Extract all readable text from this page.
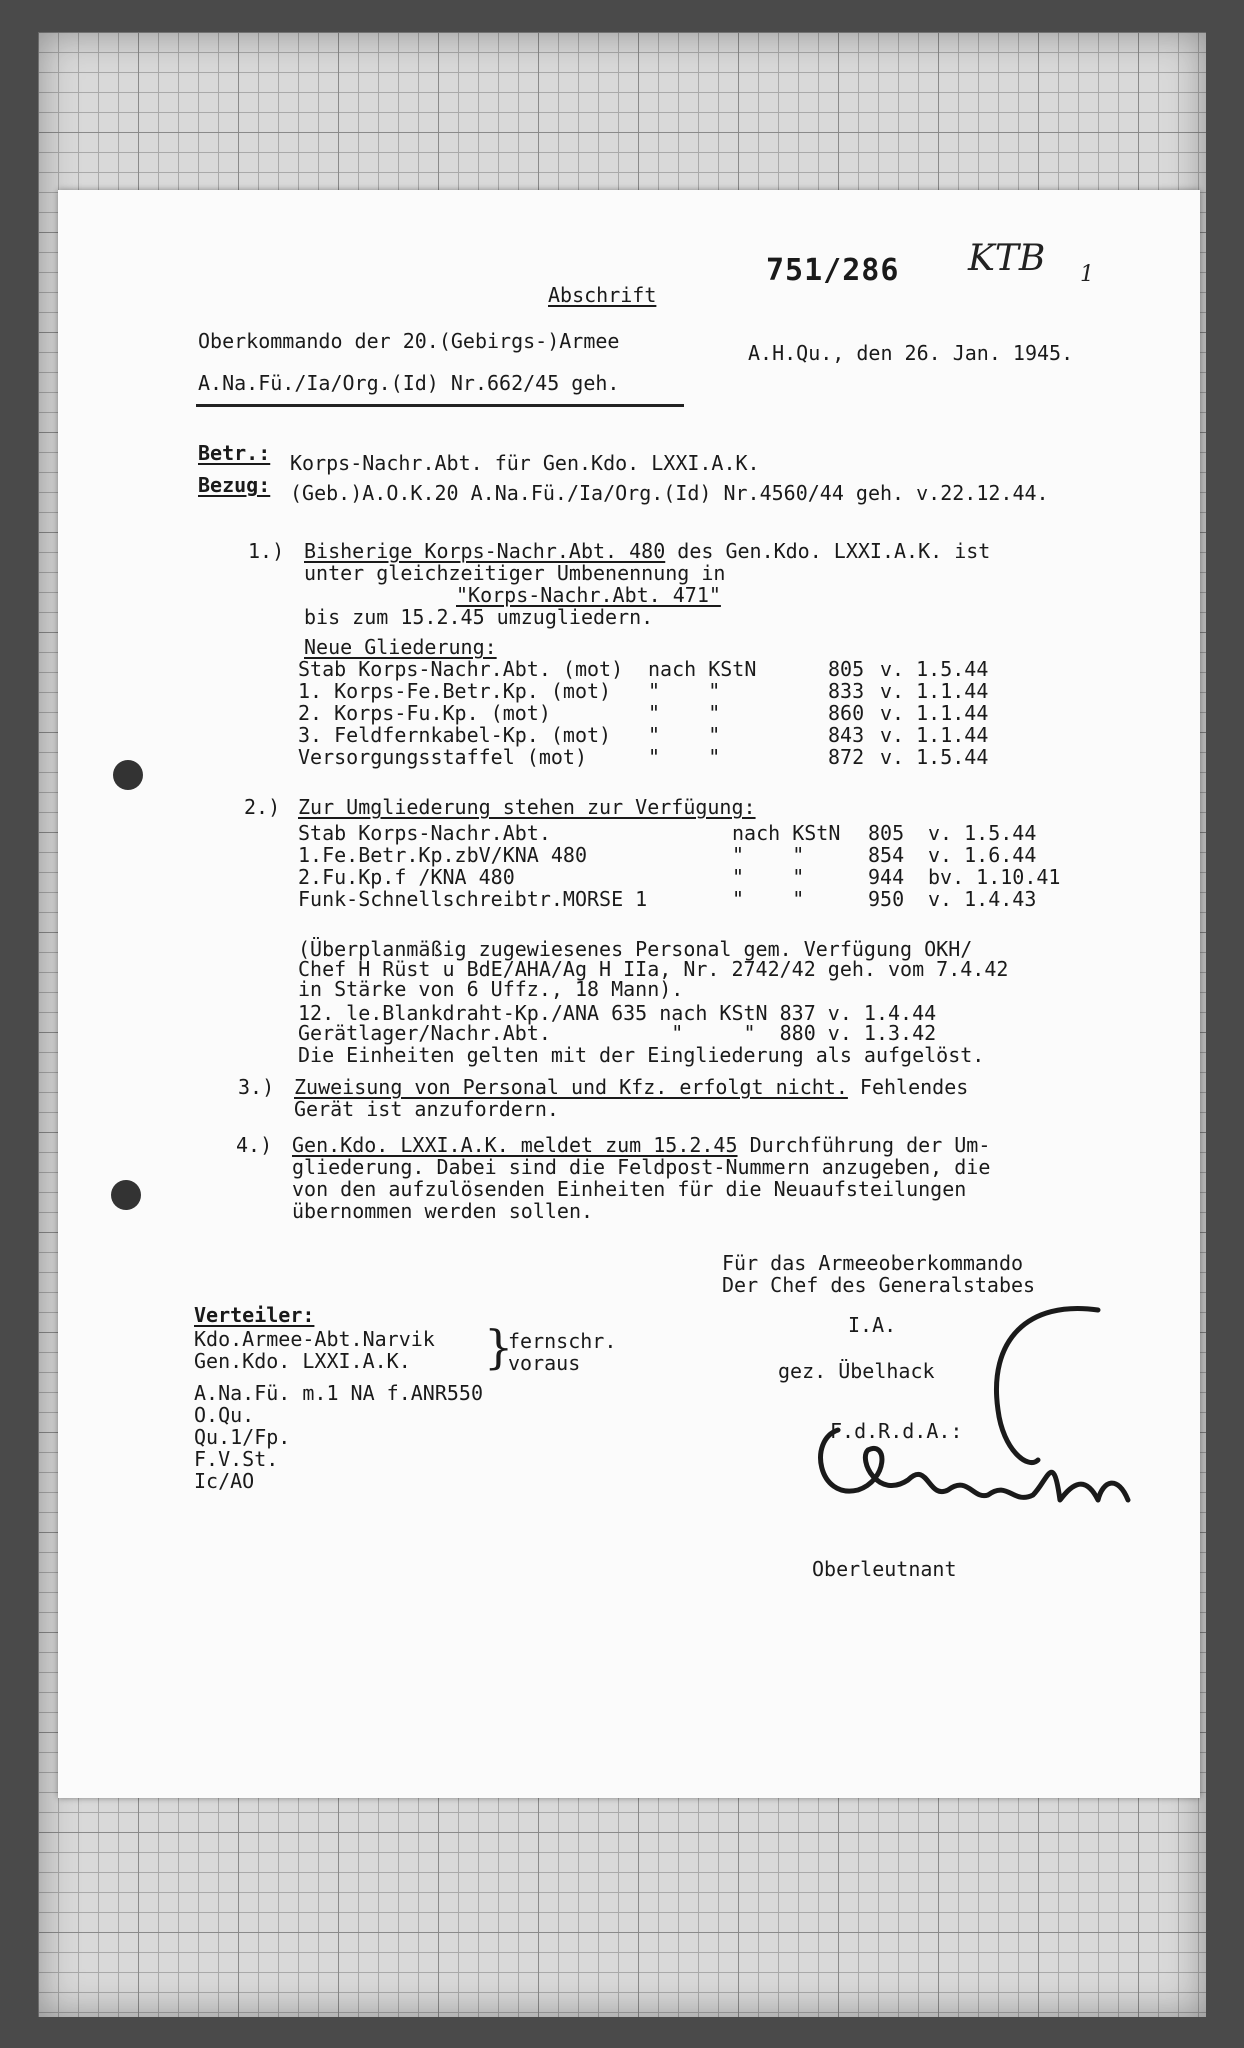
Abschrift
751/286 KTB 1
Oberkommando der 20.(Gebirgs-)Armee	A.H.Qu., den 26. Jan. 1945.
A.Na.Fü./Ia/Org.(Id) Nr.662/45 geh.
Betr.: Korps-Nachr.Abt. für Gen.Kdo. LXXI.A.K.
Bezug: (Geb.)A.O.K.20 A.Na.Fü./Ia/Org.(Id) Nr.4560/44 geh. v.22.12.44.
1.) Bisherige Korps-Nachr.Abt. 480 des Gen.Kdo. LXXI.A.K. ist
unter gleichzeitiger Umbenennung in
"Korps-Nachr.Abt. 471"
bis zum 15.2.45 umzugliedern.
Neue Gliederung:
Stab Korps-Nachr.Abt. (mot) nach KStN	805 v. 1.5.44
1. Korps-Fe.Betr.Kp. (mot) "    "	833 v. 1.1.44
2. Korps-Fu.Kp. (mot)	"    "	860 v. 1.1.44
3. Feldfernkabel-Kp. (mot) "    "	843 v. 1.1.44
Versorgungsstaffel (mot)	"    "	872 v. 1.5.44
2.) Zur Umgliederung stehen zur Verfügung:
Stab Korps-Nachr.Abt.	nach KStN 805 v. 1.5.44
1.Fe.Betr.Kp.zbV/KNA 480	"    "	854 v. 1.6.44
2.Fu.Kp.f /KNA 480	"    "	944 bv. 1.10.41
Funk-Schnellschreibtr.MORSE 1	"    "	950 v. 1.4.43
(Überplanmäßig zugewiesenes Personal gem. Verfügung OKH/
Chef H Rüst u BdE/AHA/Ag H IIa, Nr. 2742/42 geh. vom 7.4.42
in Stärke von 6 Uffz., 18 Mann).
12. le.Blankdraht-Kp./ANA 635 nach KStN 837 v. 1.4.44
Gerätlager/Nachr.Abt.          "     "  880 v. 1.3.42
Die Einheiten gelten mit der Eingliederung als aufgelöst.
3.) Zuweisung von Personal und Kfz. erfolgt nicht. Fehlendes
Gerät ist anzufordern.
4.) Gen.Kdo. LXXI.A.K. meldet zum 15.2.45 Durchführung der Um-
gliederung. Dabei sind die Feldpost-Nummern anzugeben, die
von den aufzulösenden Einheiten für die Neuaufsteilungen
übernommen werden sollen.
Für das Armeeoberkommando
Der Chef des Generalstabes
I.A.
gez. Übelhack
F.d.R.d.A.:
Oberleutnant
Verteiler:
Kdo.Armee-Abt.Narvik
Gen.Kdo. LXXI.A.K. }
fernschr.
voraus
A.Na.Fü. m.1 NA f.ANR550
O.Qu.
Qu.1/Fp.
F.V.St.
Ic/AO
